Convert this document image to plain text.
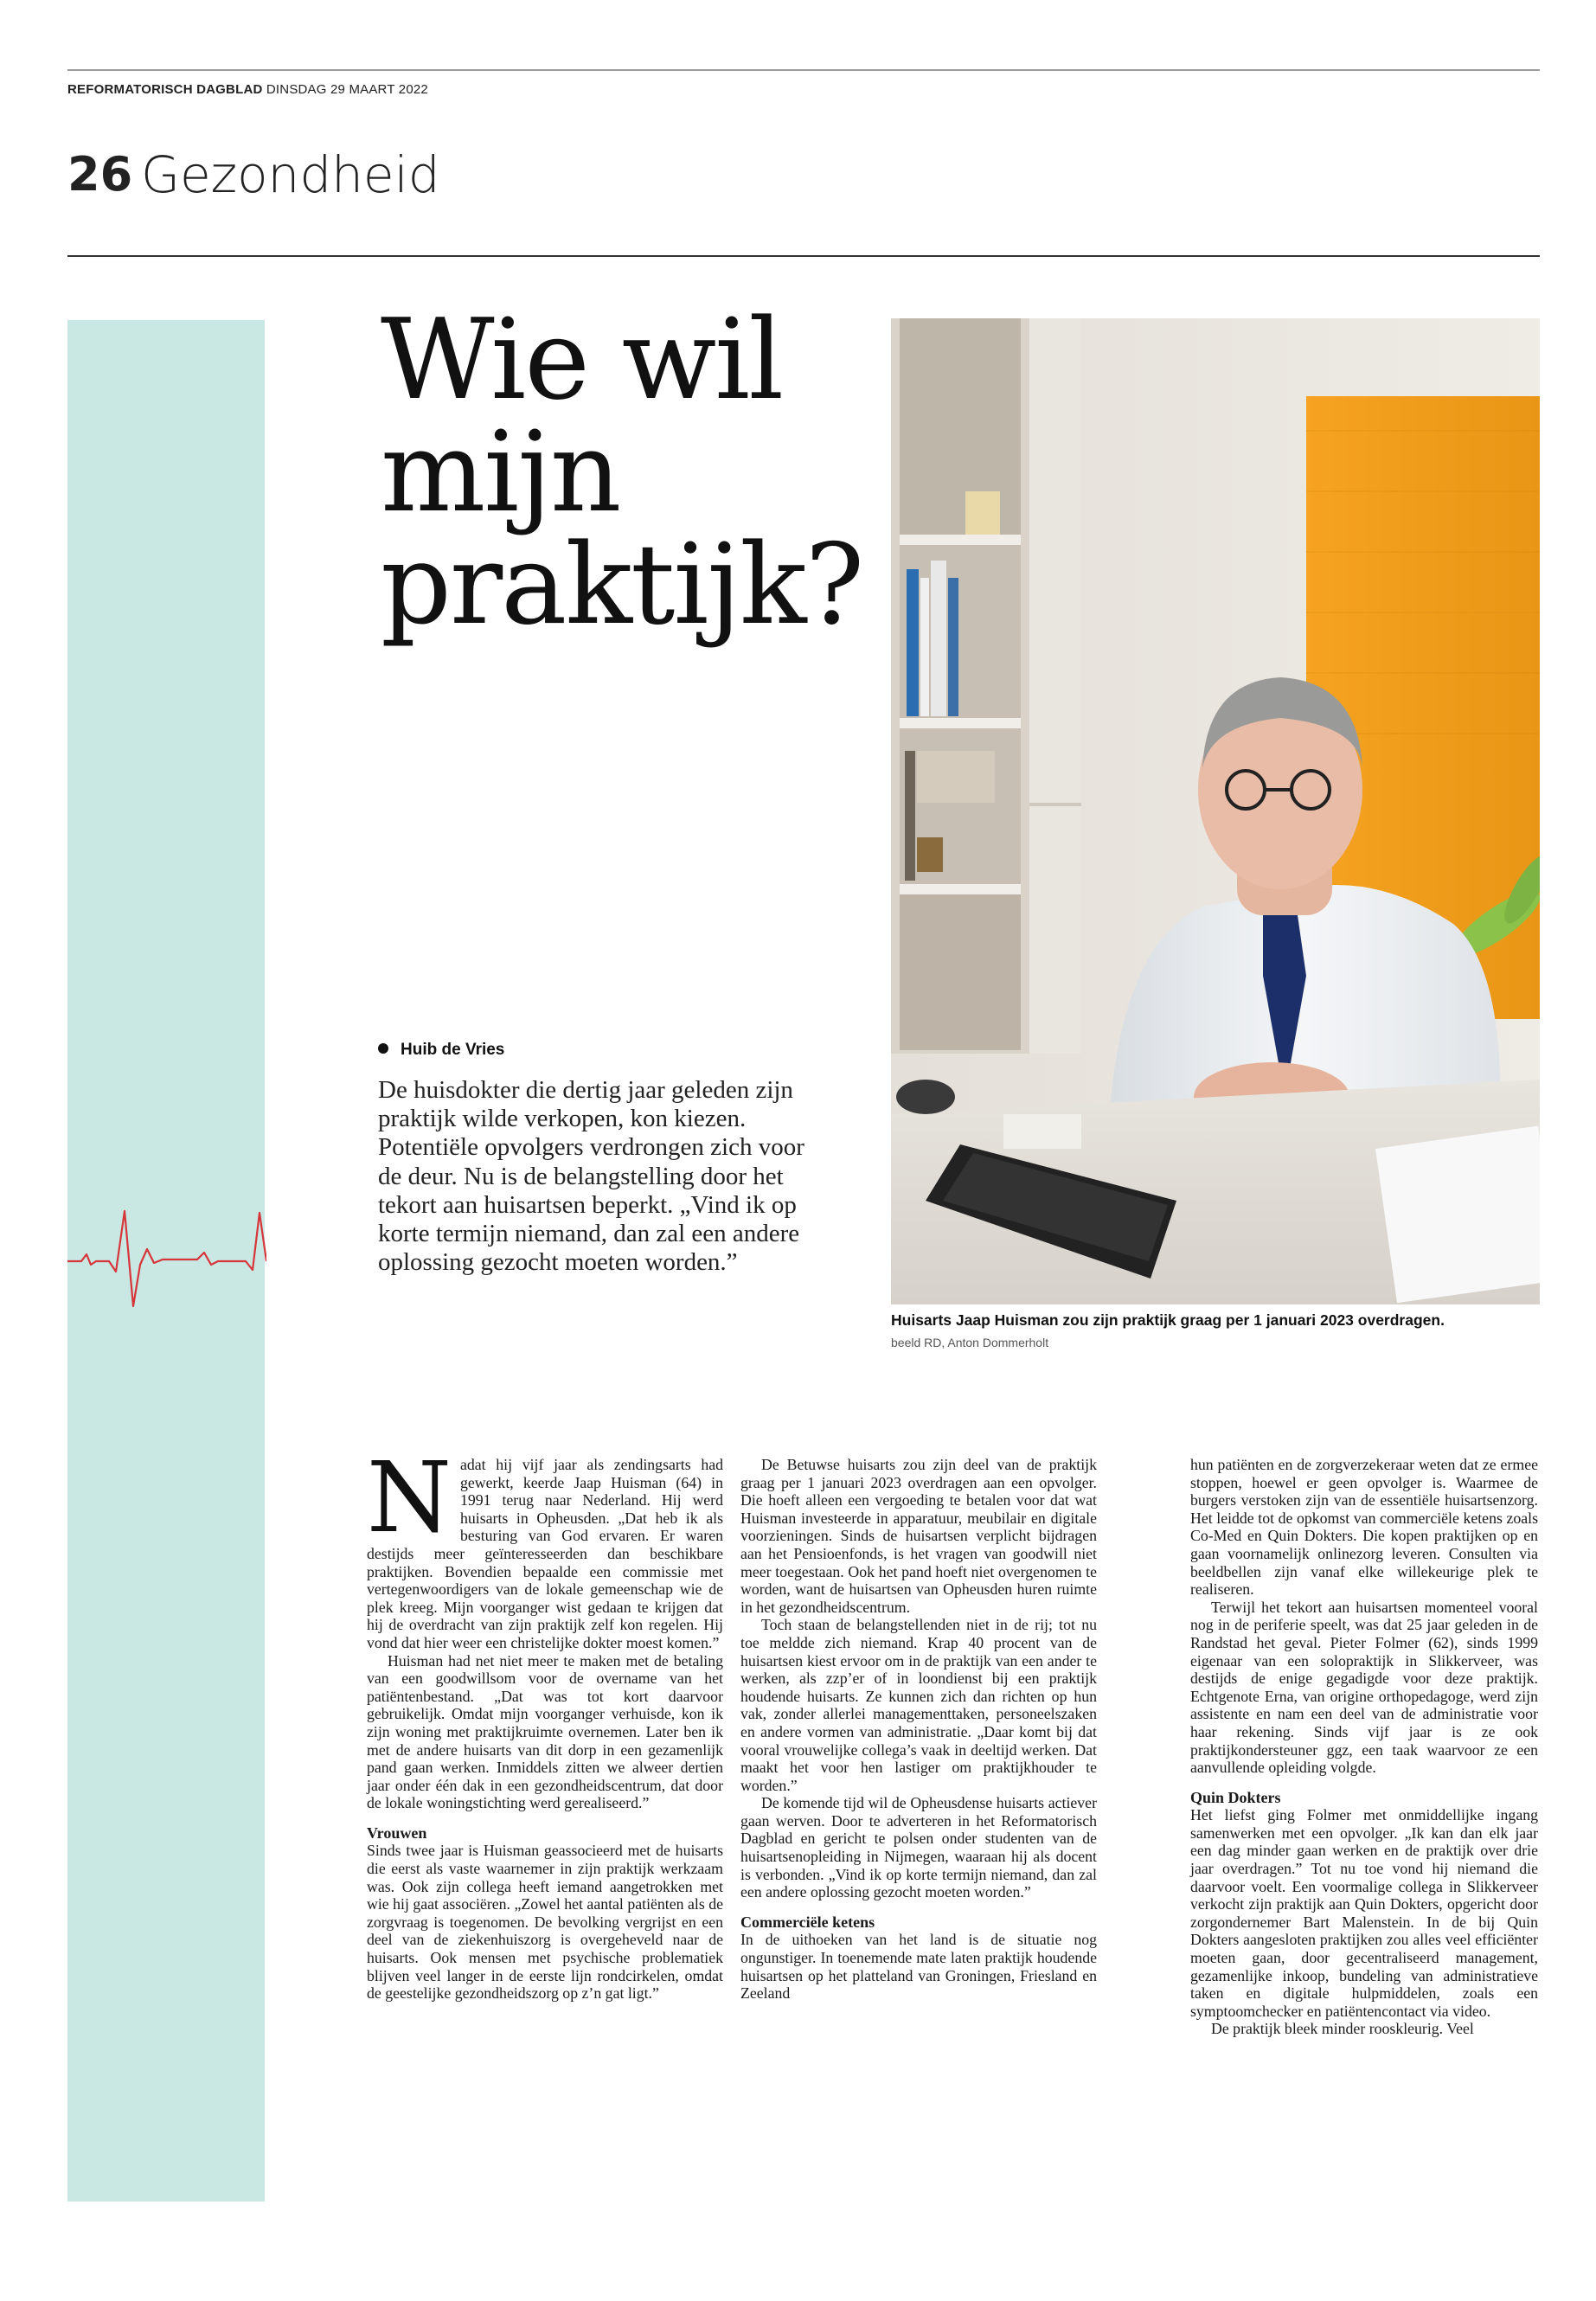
REFORMATORISCH DAGBLAD DINSDAG 29 MAART 2022
26 Gezondheid
Wie wil
mijn
praktijk?
Huib de Vries
De huisdokter die dertig jaar geleden zijn praktijk wilde verkopen, kon kiezen. Potentiële opvolgers verdrongen zich voor de deur. Nu is de belangstelling door het tekort aan huisartsen beperkt. „Vind ik op korte termijn niemand, dan zal een andere oplossing gezocht moeten worden.”
Huisarts Jaap Huisman zou zijn praktijk graag per 1 januari 2023 overdragen.
beeld RD, Anton Dommerholt

Nadat hij vijf jaar als zendingsarts had gewerkt, keerde Jaap Huisman (64) in 1991 terug naar Nederland. Hij werd huisarts in Opheusden. „Dat heb ik als besturing van God ervaren. Er waren destijds meer geïnteresseerden dan beschikbare praktijken. Bovendien bepaalde een commissie met vertegenwoordigers van de lokale gemeenschap wie de plek kreeg. Mijn voorganger wist gedaan te krijgen dat hij de overdracht van zijn praktijk zelf kon regelen. Hij vond dat hier weer een christelijke dokter moest komen.”

Huisman had net niet meer te maken met de betaling van een goodwillsom voor de overname van het patiëntenbestand. „Dat was tot kort daarvoor gebruikelijk. Omdat mijn voorganger verhuisde, kon ik zijn woning met praktijkruimte overnemen. Later ben ik met de andere huisarts van dit dorp in een gezamenlijk pand gaan werken. Inmiddels zitten we alweer dertien jaar onder één dak in een gezondheidscentrum, dat door de lokale woningstichting werd gerealiseerd.”

Vrouwen

Sinds twee jaar is Huisman geassocieerd met de huisarts die eerst als vaste waarnemer in zijn praktijk werkzaam was. Ook zijn collega heeft iemand aangetrokken met wie hij gaat associëren. „Zowel het aantal patiënten als de zorgvraag is toegenomen. De bevolking vergrijst en een deel van de ziekenhuiszorg is overgeheveld naar de huisarts. Ook mensen met psychische problematiek blijven veel langer in de eerste lijn rondcirkelen, omdat de geestelijke gezondheidszorg op z’n gat ligt.”

De Betuwse huisarts zou zijn deel van de praktijk graag per 1 januari 2023 overdragen aan een opvolger. Die hoeft alleen een vergoeding te betalen voor dat wat Huisman investeerde in apparatuur, meubilair en digitale voorzieningen. Sinds de huisartsen verplicht bijdragen aan het Pensioenfonds, is het vragen van goodwill niet meer toegestaan. Ook het pand hoeft niet overgenomen te worden, want de huisartsen van Opheusden huren ruimte in het gezondheidscentrum.

Toch staan de belangstellenden niet in de rij; tot nu toe meldde zich niemand. Krap 40 procent van de huisartsen kiest ervoor om in de praktijk van een ander te werken, als zzp’er of in loondienst bij een praktijk houdende huisarts. Ze kunnen zich dan richten op hun vak, zonder allerlei managementtaken, personeelszaken en andere vormen van administratie. „Daar komt bij dat vooral vrouwelijke collega’s vaak in deeltijd werken. Dat maakt het voor hen lastiger om praktijkhouder te worden.”

De komende tijd wil de Opheusdense huisarts actiever gaan werven. Door te adverteren in het Reformatorisch Dagblad en gericht te polsen onder studenten van de huisartsenopleiding in Nijmegen, waaraan hij als docent is verbonden. „Vind ik op korte termijn niemand, dan zal een andere oplossing gezocht moeten worden.”

Commerciële ketens

In de uithoeken van het land is de situatie nog ongunstiger. In toenemende mate laten praktijk houdende huisartsen op het platteland van Groningen, Friesland en Zeeland

hun patiënten en de zorgverzekeraar weten dat ze ermee stoppen, hoewel er geen opvolger is. Waarmee de burgers verstoken zijn van de essentiële huisartsenzorg. Het leidde tot de opkomst van commerciële ketens zoals Co-Med en Quin Dokters. Die kopen praktijken op en gaan voornamelijk onlinezorg leveren. Consulten via beeldbellen zijn vanaf elke willekeurige plek te realiseren.

Terwijl het tekort aan huisartsen momenteel vooral nog in de periferie speelt, was dat 25 jaar geleden in de Randstad het geval. Pieter Folmer (62), sinds 1999 eigenaar van een solopraktijk in Slikkerveer, was destijds de enige gegadigde voor deze praktijk. Echtgenote Erna, van origine orthopedagoge, werd zijn assistente en nam een deel van de administratie voor haar rekening. Sinds vijf jaar is ze ook praktijkondersteuner ggz, een taak waarvoor ze een aanvullende opleiding volgde.

Quin Dokters

Het liefst ging Folmer met onmiddellijke ingang samenwerken met een opvolger. „Ik kan dan elk jaar een dag minder gaan werken en de praktijk over drie jaar overdragen.” Tot nu toe vond hij niemand die daarvoor voelt. Een voormalige collega in Slikkerveer verkocht zijn praktijk aan Quin Dokters, opgericht door zorgondernemer Bart Malenstein. In de bij Quin Dokters aangesloten praktijken zou alles veel efficiënter moeten gaan, door gecentraliseerd management, gezamenlijke inkoop, bundeling van administratieve taken en digitale hulpmiddelen, zoals een symptoomchecker en patiëntencontact via video.

De praktijk bleek minder rooskleurig. Veel
